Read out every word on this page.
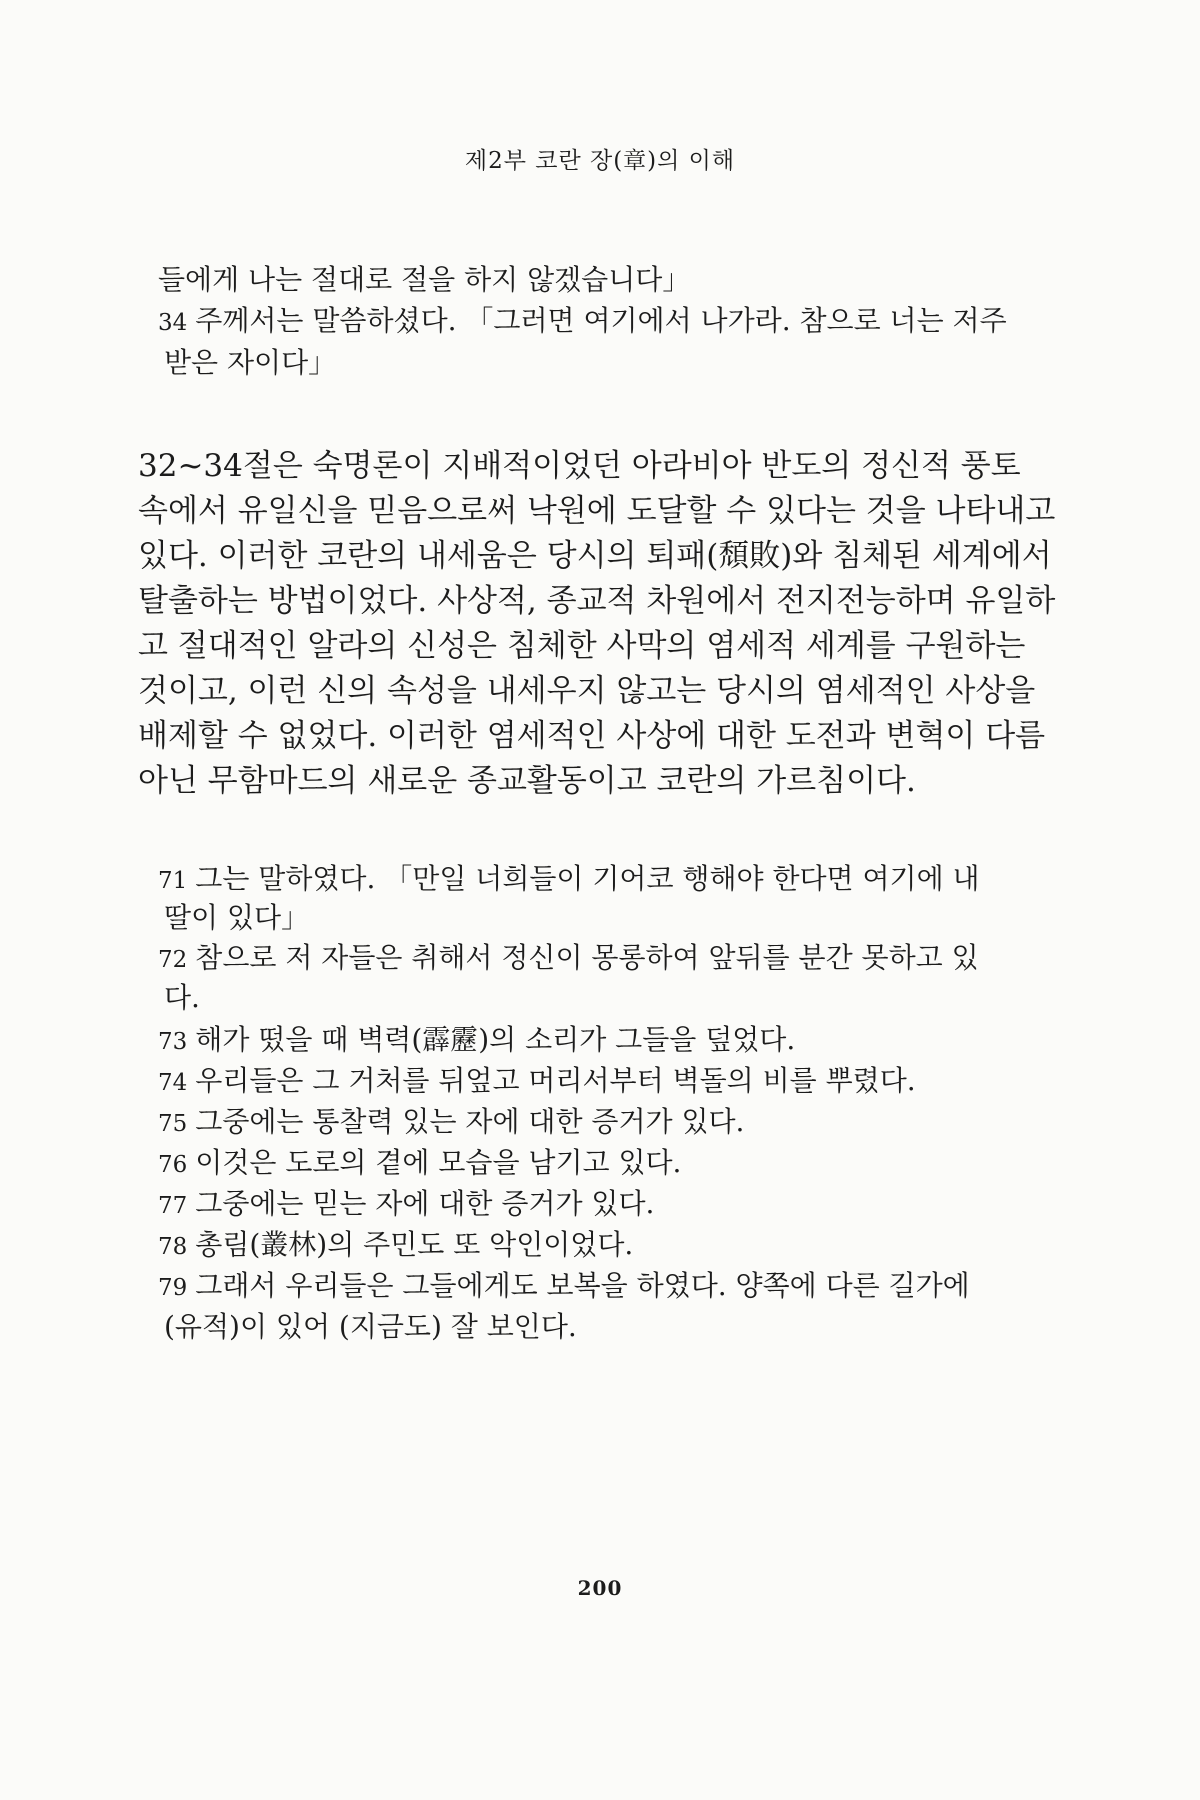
제2부 코란 장(章)의 이해
들에게 나는 절대로 절을 하지 않겠습니다」
34 주께서는 말씀하셨다. 「그러면 여기에서 나가라. 참으로 너는 저주
받은 자이다」
32~34절은 숙명론이 지배적이었던 아라비아 반도의 정신적 풍토
속에서 유일신을 믿음으로써 낙원에 도달할 수 있다는 것을 나타내고
있다. 이러한 코란의 내세움은 당시의 퇴패(頹敗)와 침체된 세계에서
탈출하는 방법이었다. 사상적, 종교적 차원에서 전지전능하며 유일하
고 절대적인 알라의 신성은 침체한 사막의 염세적 세계를 구원하는
것이고, 이런 신의 속성을 내세우지 않고는 당시의 염세적인 사상을
배제할 수 없었다. 이러한 염세적인 사상에 대한 도전과 변혁이 다름
아닌 무함마드의 새로운 종교활동이고 코란의 가르침이다.
71 그는 말하였다. 「만일 너희들이 기어코 행해야 한다면 여기에 내
딸이 있다」
72 참으로 저 자들은 취해서 정신이 몽롱하여 앞뒤를 분간 못하고 있
다.
73 해가 떴을 때 벽력(霹靂)의 소리가 그들을 덮었다.
74 우리들은 그 거처를 뒤엎고 머리서부터 벽돌의 비를 뿌렸다.
75 그중에는 통찰력 있는 자에 대한 증거가 있다.
76 이것은 도로의 곁에 모습을 남기고 있다.
77 그중에는 믿는 자에 대한 증거가 있다.
78 총림(叢林)의 주민도 또 악인이었다.
79 그래서 우리들은 그들에게도 보복을 하였다. 양쪽에 다른 길가에
(유적)이 있어 (지금도) 잘 보인다.
200
